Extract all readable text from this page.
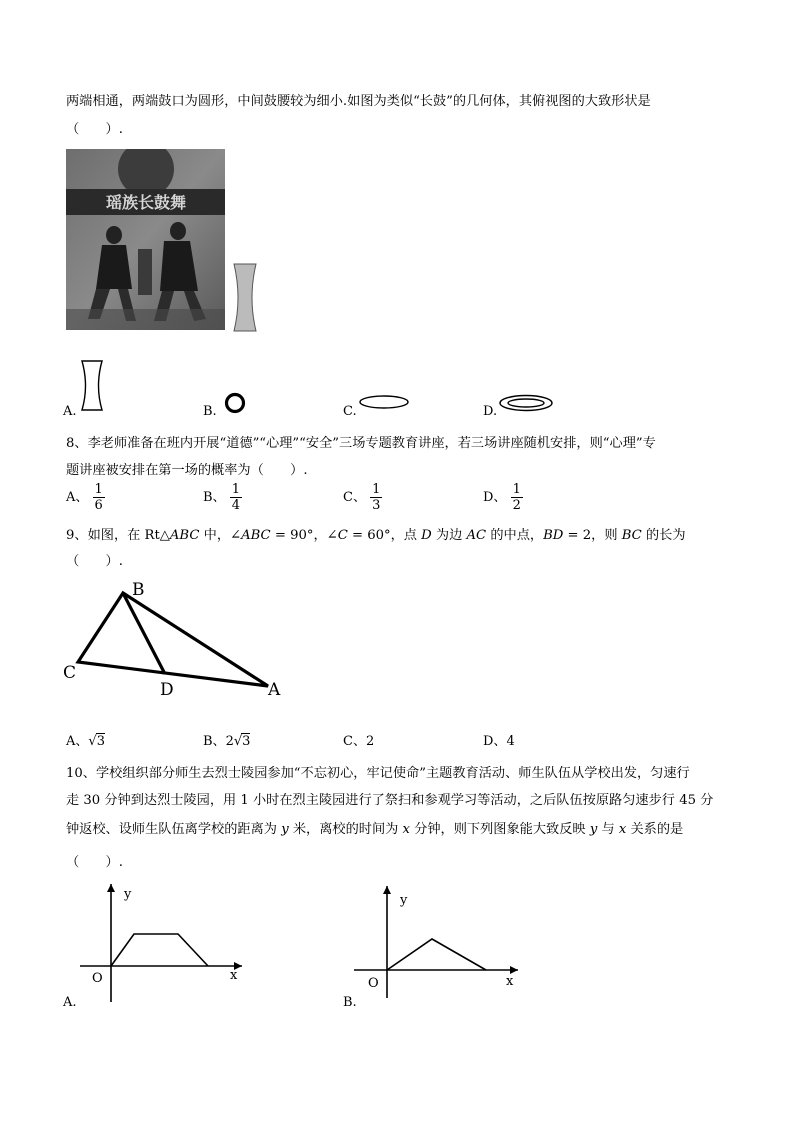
两端相通，两端鼓口为圆形，中间鼓腰较为细小.如图为类似“长鼓”的几何体，其俯视图的大致形状是
（　　）.
瑶族长鼓舞
A.	B.	C.	D.
8、李老师准备在班内开展“道德”“心理”“安全”三场专题教育讲座，若三场讲座随机安排，则“心理”专
题讲座被安排在第一场的概率为（　　）.
A、 $\frac{1}{6}$	B、 $\frac{1}{4}$	C、 $\frac{1}{3}$	D、 $\frac{1}{2}$
9、如图，在 Rt△ABC 中，∠ABC = 90°，∠C = 60°，点 D 为边 AC 的中点，BD = 2，则 BC 的长为
（　　）.
B
C
D	A
A、√3	B、2√3	C、2	D、4
10、学校组织部分师生去烈士陵园参加“不忘初心，牢记使命”主题教育活动、师生队伍从学校出发，匀速行
走 30 分钟到达烈士陵园，用 1 小时在烈主陵园进行了祭扫和参观学习等活动，之后队伍按原路匀速步行 45 分
钟返校、设师生队伍离学校的距离为 y 米，离校的时间为 x 分钟，则下列图象能大致反映 y 与 x 关系的是
（　　）.
y
x
O
A.
y
x
O
B.
